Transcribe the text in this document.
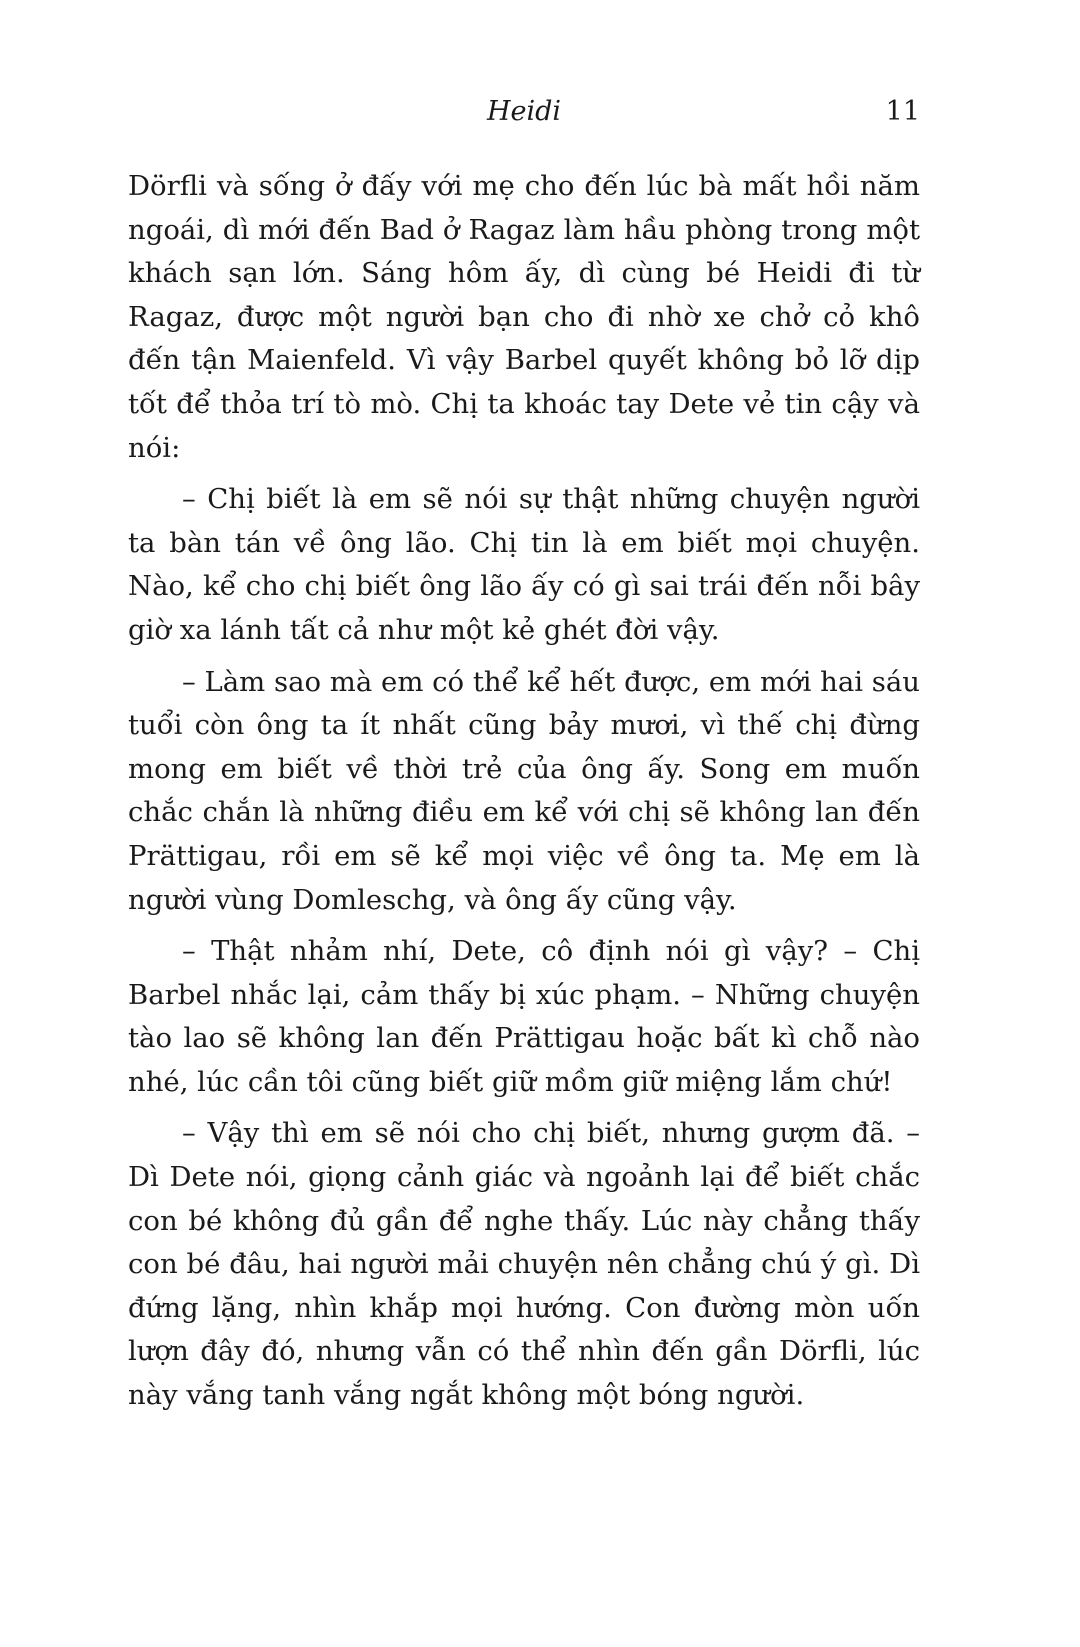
Heidi	11

Dörfli và sống ở đấy với mẹ cho đến lúc bà mất hồi năm ngoái, dì mới đến Bad ở Ragaz làm hầu phòng trong một khách sạn lớn. Sáng hôm ấy, dì cùng bé Heidi đi từ Ragaz, được một người bạn cho đi nhờ xe chở cỏ khô đến tận Maienfeld. Vì vậy Barbel quyết không bỏ lỡ dịp tốt để thỏa trí tò mò. Chị ta khoác tay Dete vẻ tin cậy và nói:

– Chị biết là em sẽ nói sự thật những chuyện người ta bàn tán về ông lão. Chị tin là em biết mọi chuyện. Nào, kể cho chị biết ông lão ấy có gì sai trái đến nỗi bây giờ xa lánh tất cả như một kẻ ghét đời vậy.

– Làm sao mà em có thể kể hết được, em mới hai sáu tuổi còn ông ta ít nhất cũng bảy mươi, vì thế chị đừng mong em biết về thời trẻ của ông ấy. Song em muốn chắc chắn là những điều em kể với chị sẽ không lan đến Prättigau, rồi em sẽ kể mọi việc về ông ta. Mẹ em là người vùng Domleschg, và ông ấy cũng vậy.

– Thật nhảm nhí, Dete, cô định nói gì vậy? – Chị Barbel nhắc lại, cảm thấy bị xúc phạm. – Những chuyện tào lao sẽ không lan đến Prättigau hoặc bất kì chỗ nào nhé, lúc cần tôi cũng biết giữ mồm giữ miệng lắm chứ!

– Vậy thì em sẽ nói cho chị biết, nhưng gượm đã. – Dì Dete nói, giọng cảnh giác và ngoảnh lại để biết chắc con bé không đủ gần để nghe thấy. Lúc này chẳng thấy con bé đâu, hai người mải chuyện nên chẳng chú ý gì. Dì đứng lặng, nhìn khắp mọi hướng. Con đường mòn uốn lượn đây đó, nhưng vẫn có thể nhìn đến gần Dörfli, lúc này vắng tanh vắng ngắt không một bóng người.
